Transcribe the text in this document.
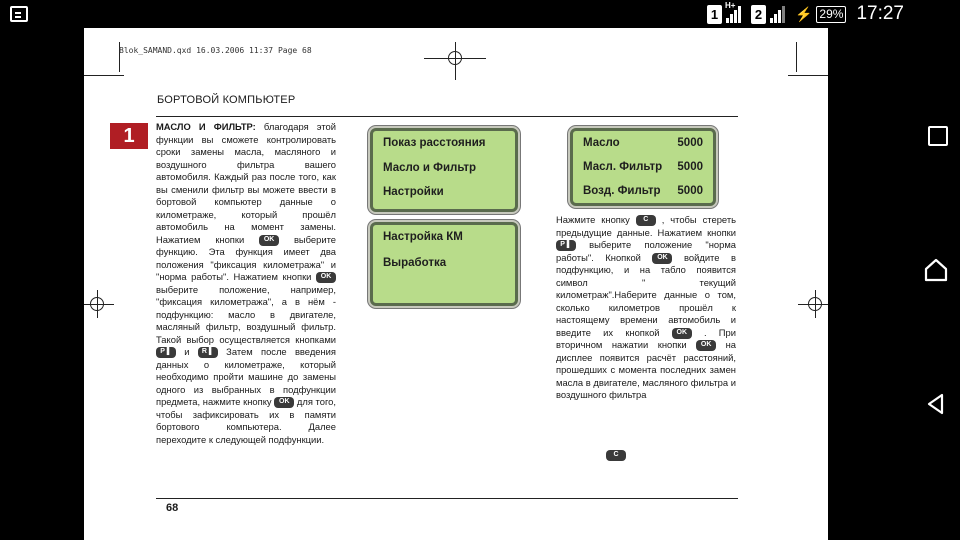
1
H+
2 ⚡ 29% 17:27
Blok_SAMAND.qxd 16.03.2006 11:37 Page 68
БОРТОВОЙ КОМПЬЮТЕР
1	МАСЛО И ФИЛЬТР: благодаря этой функции вы сможете контролировать сроки замены масла, масляного и воздушного фильтра вашего автомобиля. Каждый раз после того, как вы сменили фильтр вы можете ввести в бортовой компьютер данные о километраже, который прошёл автомобиль на момент замены. Нажатием кнопки OK выберите функцию. Эта функция имеет два положения "фиксация километража" и "норма работы". Нажатием кнопки OK выберите положение, например, "фиксация километража", а в нём - подфункцию: масло в двигателе, масляный фильтр, воздушный фильтр. Такой выбор осуществляется кнопками P ▌ и R ▌ Затем после введения данных о километраже, который необходимо пройти машине до замены одного из выбранных в подфункции предмета, нажмите кнопку OK для того, чтобы зафиксировать их в памяти бортового компьютера. Далее переходите к следующей подфункции.
Показ расстояния
Масло и Фильтр
Настройки
Настройка КМ
Выработка
Масло	5000
Масл. Фильтр 5000
Возд. Фильтр 5000
Нажмите кнопку C , чтобы стереть предыдущие данные. Нажатием кнопки P ▌ выберите положение "норма работы". Кнопкой OK войдите в подфункцию, и на табло появится символ " текущий километраж".Наберите данные о том, сколько километров прошёл к настоящему времени автомобиль и введите их кнопкой OK . При вторичном нажатии кнопки OK на дисплее появится расчёт расстояний, прошедших с момента последних замен масла в двигателе, масляного фильтра и воздушного фильтра
C
68
